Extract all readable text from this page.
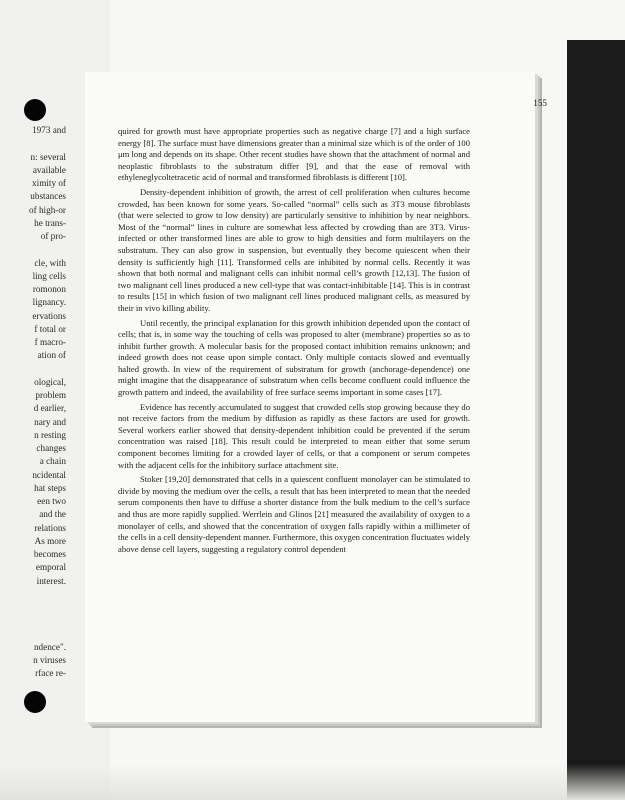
1973 and
n: several
available
ximity of
ubstances
of high-or
he trans-
of pro-
cle, with
ling cells
romonon
lignancy.
ervations
f total or
f macro-
ation of
ological,
problem
d earlier,
nary and
n resting
changes
a chain
ncidental
hat steps
een two
and the
relations
As more
becomes
emporal
interest.
ndence".
n viruses
rface re-
155

quired for growth must have appropriate properties such as negative charge [7] and a high surface energy [8]. The surface must have dimensions greater than a minimal size which is of the order of 100 μm long and depends on its shape. Other recent studies have shown that the attachment of normal and neoplastic fibroblasts to the substratum differ [9], and that the ease of removal with ethyleneglycoltetracetic acid of normal and transformed fibroblasts is different [10].

Density-dependent inhibition of growth, the arrest of cell proliferation when cultures become crowded, has been known for some years. So-called “normal” cells such as 3T3 mouse fibroblasts (that were selected to grow to low density) are particularly sensitive to inhibition by near neighbors. Most of the “normal” lines in culture are somewhat less affected by crowding than are 3T3. Virus-infected or other transformed lines are able to grow to high densities and form multilayers on the substratum. They can also grow in suspension, but eventually they become quiescent when their density is sufficiently high [11]. Transformed cells are inhibited by normal cells. Recently it was shown that both normal and malignant cells can inhibit normal cell’s growth [12,13]. The fusion of two malignant cell lines produced a new cell-type that was contact-inhibitable [14]. This is in contrast to results [15] in which fusion of two malignant cell lines produced malignant cells, as measured by their in vivo killing ability.

Until recently, the principal explanation for this growth inhibition depended upon the contact of cells; that is, in some way the touching of cells was proposed to alter (membrane) properties so as to inhibit further growth. A molecular basis for the proposed contact inhibition remains unknown; and indeed growth does not cease upon simple contact. Only multiple contacts slowed and eventually halted growth. In view of the requirement of substratum for growth (anchorage-dependence) one might imagine that the disappearance of substratum when cells become confluent could influence the growth pattern and indeed, the availability of free surface seems important in some cases [17].

Evidence has recently accumulated to suggest that crowded cells stop growing because they do not receive factors from the medium by diffusion as rapidly as these factors are used for growth. Several workers earlier showed that density-dependent inhibition could be prevented if the serum concentration was raised [18]. This result could be interpreted to mean either that some serum component becomes limiting for a crowded layer of cells, or that a component or serum competes with the adjacent cells for the inhibitory surface attachment site.

Stoker [19,20] demonstrated that cells in a quiescent confluent monolayer can be stimulated to divide by moving the medium over the cells, a result that has been interpreted to mean that the needed serum components then have to diffuse a shorter distance from the bulk medium to the cell’s surface and thus are more rapidly supplied. Werrlein and Glinos [21] measured the availability of oxygen to a monolayer of cells, and showed that the concentration of oxygen falls rapidly within a millimeter of the cells in a cell density-dependent manner. Furthermore, this oxygen concentration fluctuates widely above dense cell layers, suggesting a regulatory control dependent
